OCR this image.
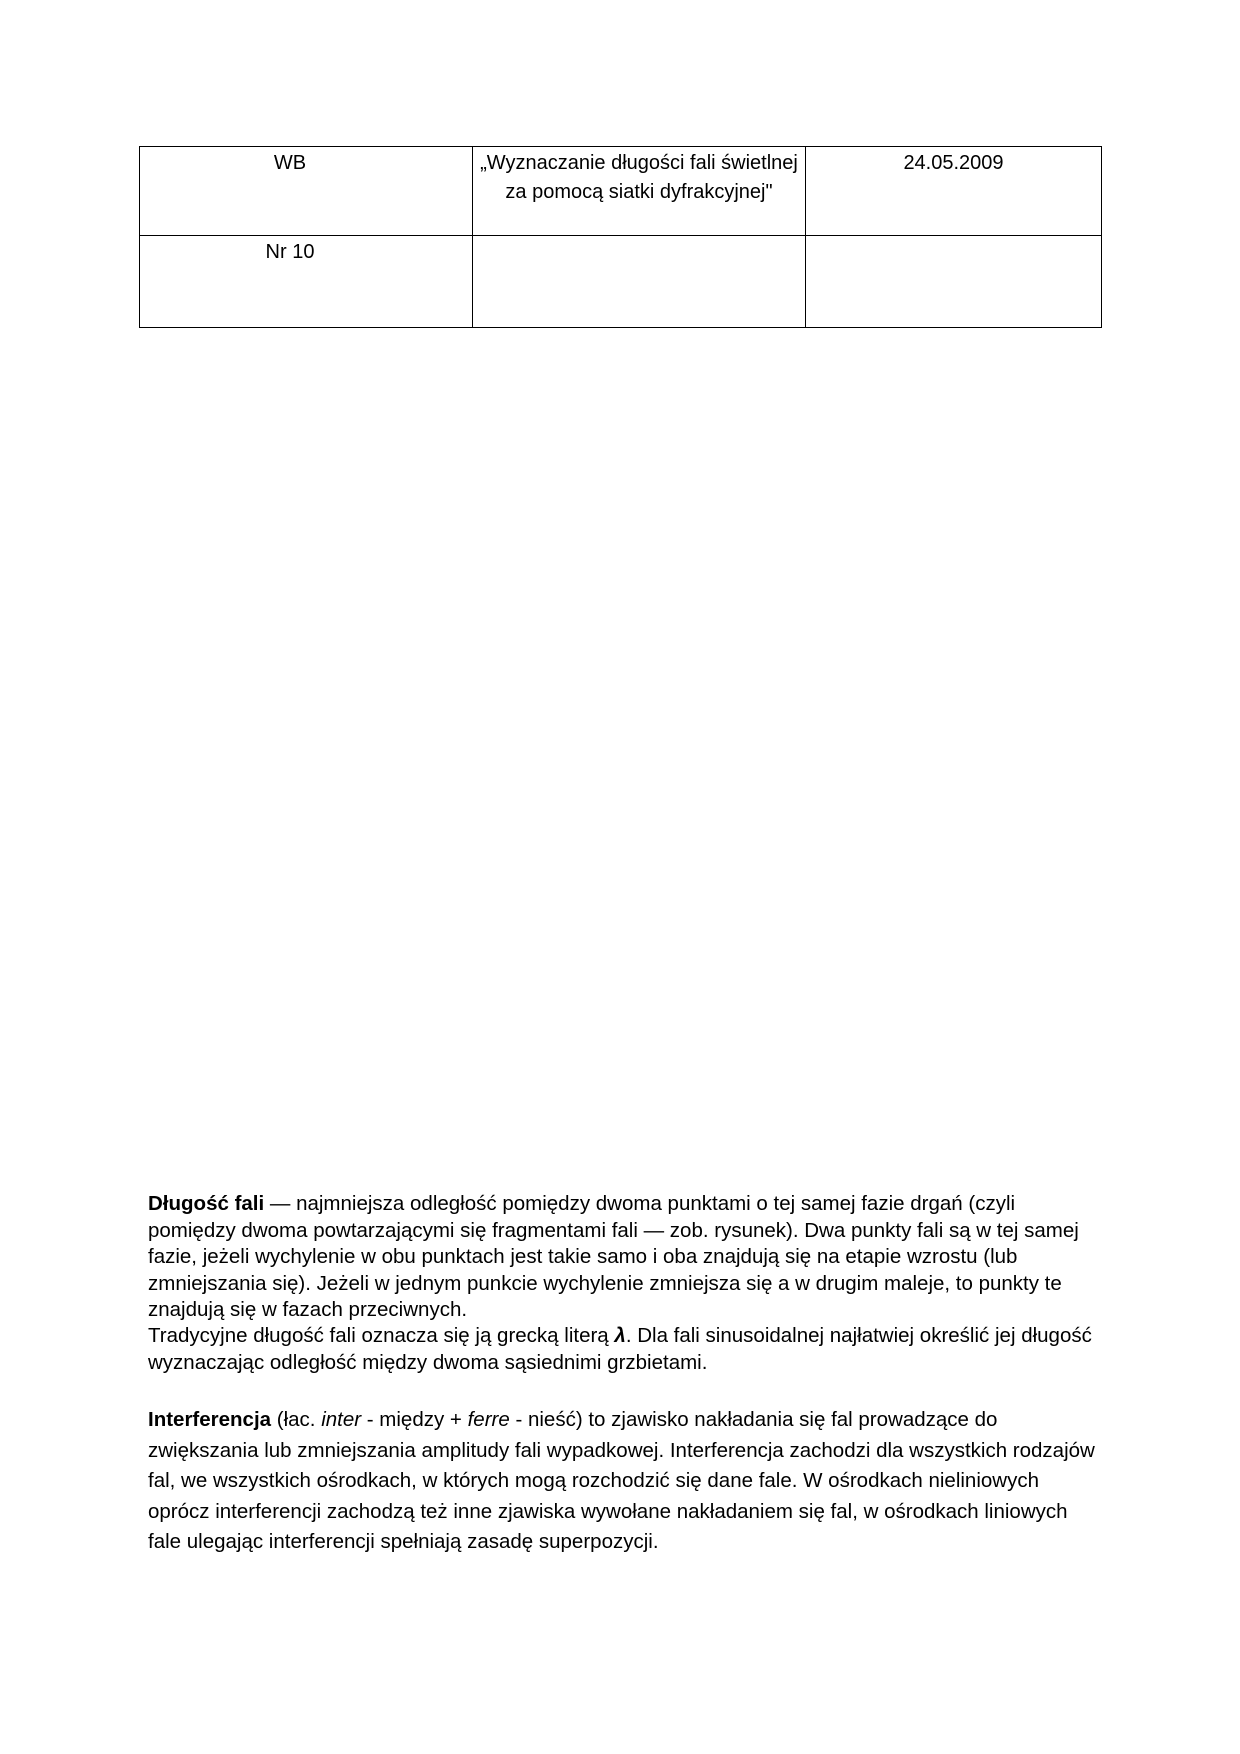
WB	„Wyznaczanie długości fali świetlnej za pomocą siatki dyfrakcyjnej"	24.05.2009
Nr 10		
Długość fali — najmniejsza odległość pomiędzy dwoma punktami o tej samej fazie drgań (czyli pomiędzy dwoma powtarzającymi się fragmentami fali — zob. rysunek). Dwa punkty fali są w tej samej fazie, jeżeli wychylenie w obu punktach jest takie samo i oba znajdują się na etapie wzrostu (lub zmniejszania się). Jeżeli w jednym punkcie wychylenie zmniejsza się a w drugim maleje, to punkty te znajdują się w fazach przeciwnych.
Tradycyjne długość fali oznacza się ją grecką literą λ. Dla fali sinusoidalnej najłatwiej określić jej długość wyznaczając odległość między dwoma sąsiednimi grzbietami.
Interferencja (łac. inter - między + ferre - nieść) to zjawisko nakładania się fal prowadzące do zwiększania lub zmniejszania amplitudy fali wypadkowej. Interferencja zachodzi dla wszystkich rodzajów fal, we wszystkich ośrodkach, w których mogą rozchodzić się dane fale. W ośrodkach nieliniowych oprócz interferencji zachodzą też inne zjawiska wywołane nakładaniem się fal, w ośrodkach liniowych fale ulegając interferencji spełniają zasadę superpozycji.
